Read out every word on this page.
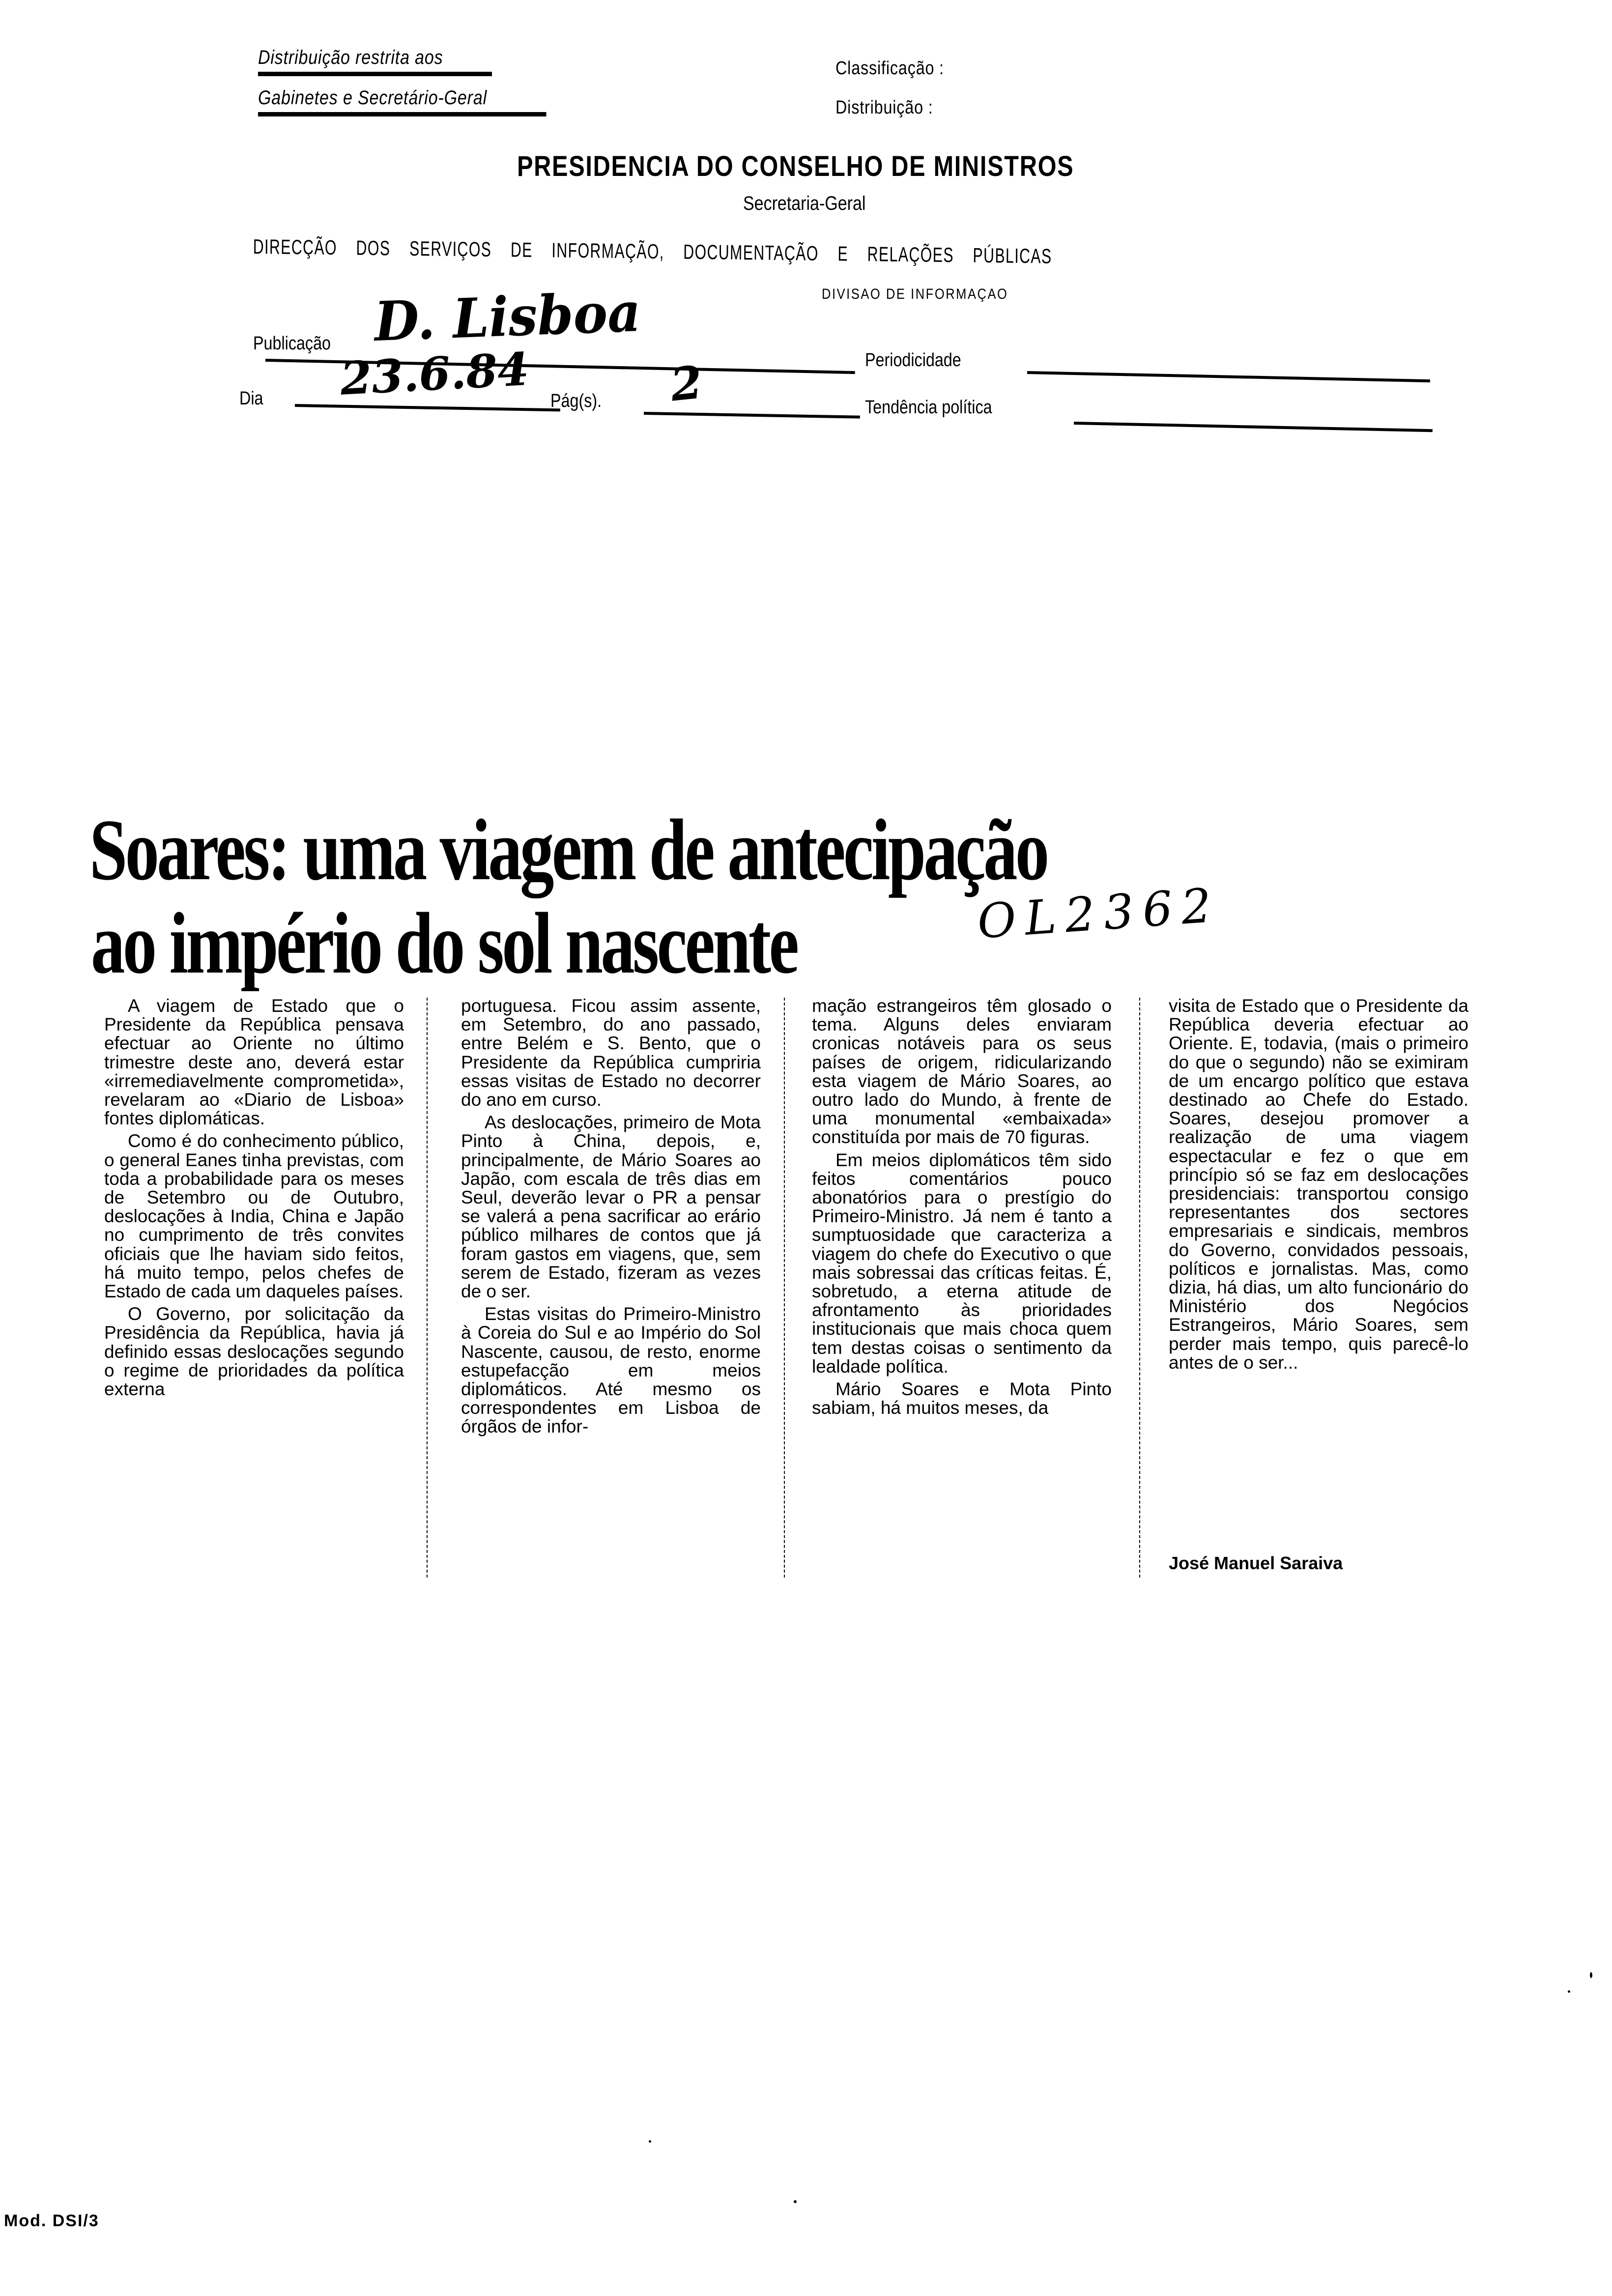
Distribuição restrita aos
Gabinetes e Secretário-Geral
Classificação :
Distribuição :
PRESIDENCIA DO CONSELHO DE MINISTROS
Secretaria-Geral
DIRECÇÃO DOS SERVIÇOS DE INFORMAÇÃO, DOCUMENTAÇÃO E RELAÇÕES PÚBLICAS
DIVISAO DE INFORMAÇAO
Publicação D. Lisboa
Periodicidade
Dia 23.6.84 Pág(s). 2	Tendência política
Soares: uma viagem de antecipação
ao império do sol nascente	OL2362

A viagem de Estado que o Presidente da República pensava efectuar ao Oriente no último trimestre deste ano, deverá estar «irremediavelmente comprometida», revelaram ao «Diario de Lisboa» fontes diplomáticas.

Como é do conhecimento público, o general Eanes tinha previstas, com toda a probabilidade para os meses de Setembro ou de Outubro, deslocações à India, China e Japão no cumprimento de três convites oficiais que lhe haviam sido feitos, há muito tempo, pelos chefes de Estado de cada um daqueles países.

O Governo, por solicitação da Presidência da República, havia já definido essas deslocações segundo o regime de prioridades da política externa

portuguesa. Ficou assim assente, em Setembro, do ano passado, entre Belém e S. Bento, que o Presidente da República cumpriria essas visitas de Estado no decorrer do ano em curso.

As deslocações, primeiro de Mota Pinto à China, depois, e, principalmente, de Mário Soares ao Japão, com escala de três dias em Seul, deverão levar o PR a pensar se valerá a pena sacrificar ao erário público milhares de contos que já foram gastos em viagens, que, sem serem de Estado, fizeram as vezes de o ser.

Estas visitas do Primeiro-Ministro à Coreia do Sul e ao Império do Sol Nascente, causou, de resto, enorme estupefacção em meios diplomáticos. Até mesmo os correspondentes em Lisboa de órgãos de infor-

mação estrangeiros têm glosado o tema. Alguns deles enviaram cronicas notáveis para os seus países de origem, ridicularizando esta viagem de Mário Soares, ao outro lado do Mundo, à frente de uma monumental «embaixada» constituída por mais de 70 figuras.

Em meios diplomáticos têm sido feitos comentários pouco abonatórios para o prestígio do Primeiro-Ministro. Já nem é tanto a sumptuosidade que caracteriza a viagem do chefe do Executivo o que mais sobressai das críticas feitas. É, sobretudo, a eterna atitude de afrontamento às prioridades institucionais que mais choca quem tem destas coisas o sentimento da lealdade política.

Mário Soares e Mota Pinto sabiam, há muitos meses, da

visita de Estado que o Presidente da República deveria efectuar ao Oriente. E, todavia, (mais o primeiro do que o segundo) não se eximiram de um encargo político que estava destinado ao Chefe do Estado. Soares, desejou promover a realização de uma viagem espectacular e fez o que em princípio só se faz em deslocações presidenciais: transportou consigo representantes dos sectores empresariais e sindicais, membros do Governo, convidados pessoais, políticos e jornalistas. Mas, como dizia, há dias, um alto funcionário do Ministério dos Negócios Estrangeiros, Mário Soares, sem perder mais tempo, quis parecê-lo antes de o ser...

José Manuel Saraiva
Mod. DSI/3
